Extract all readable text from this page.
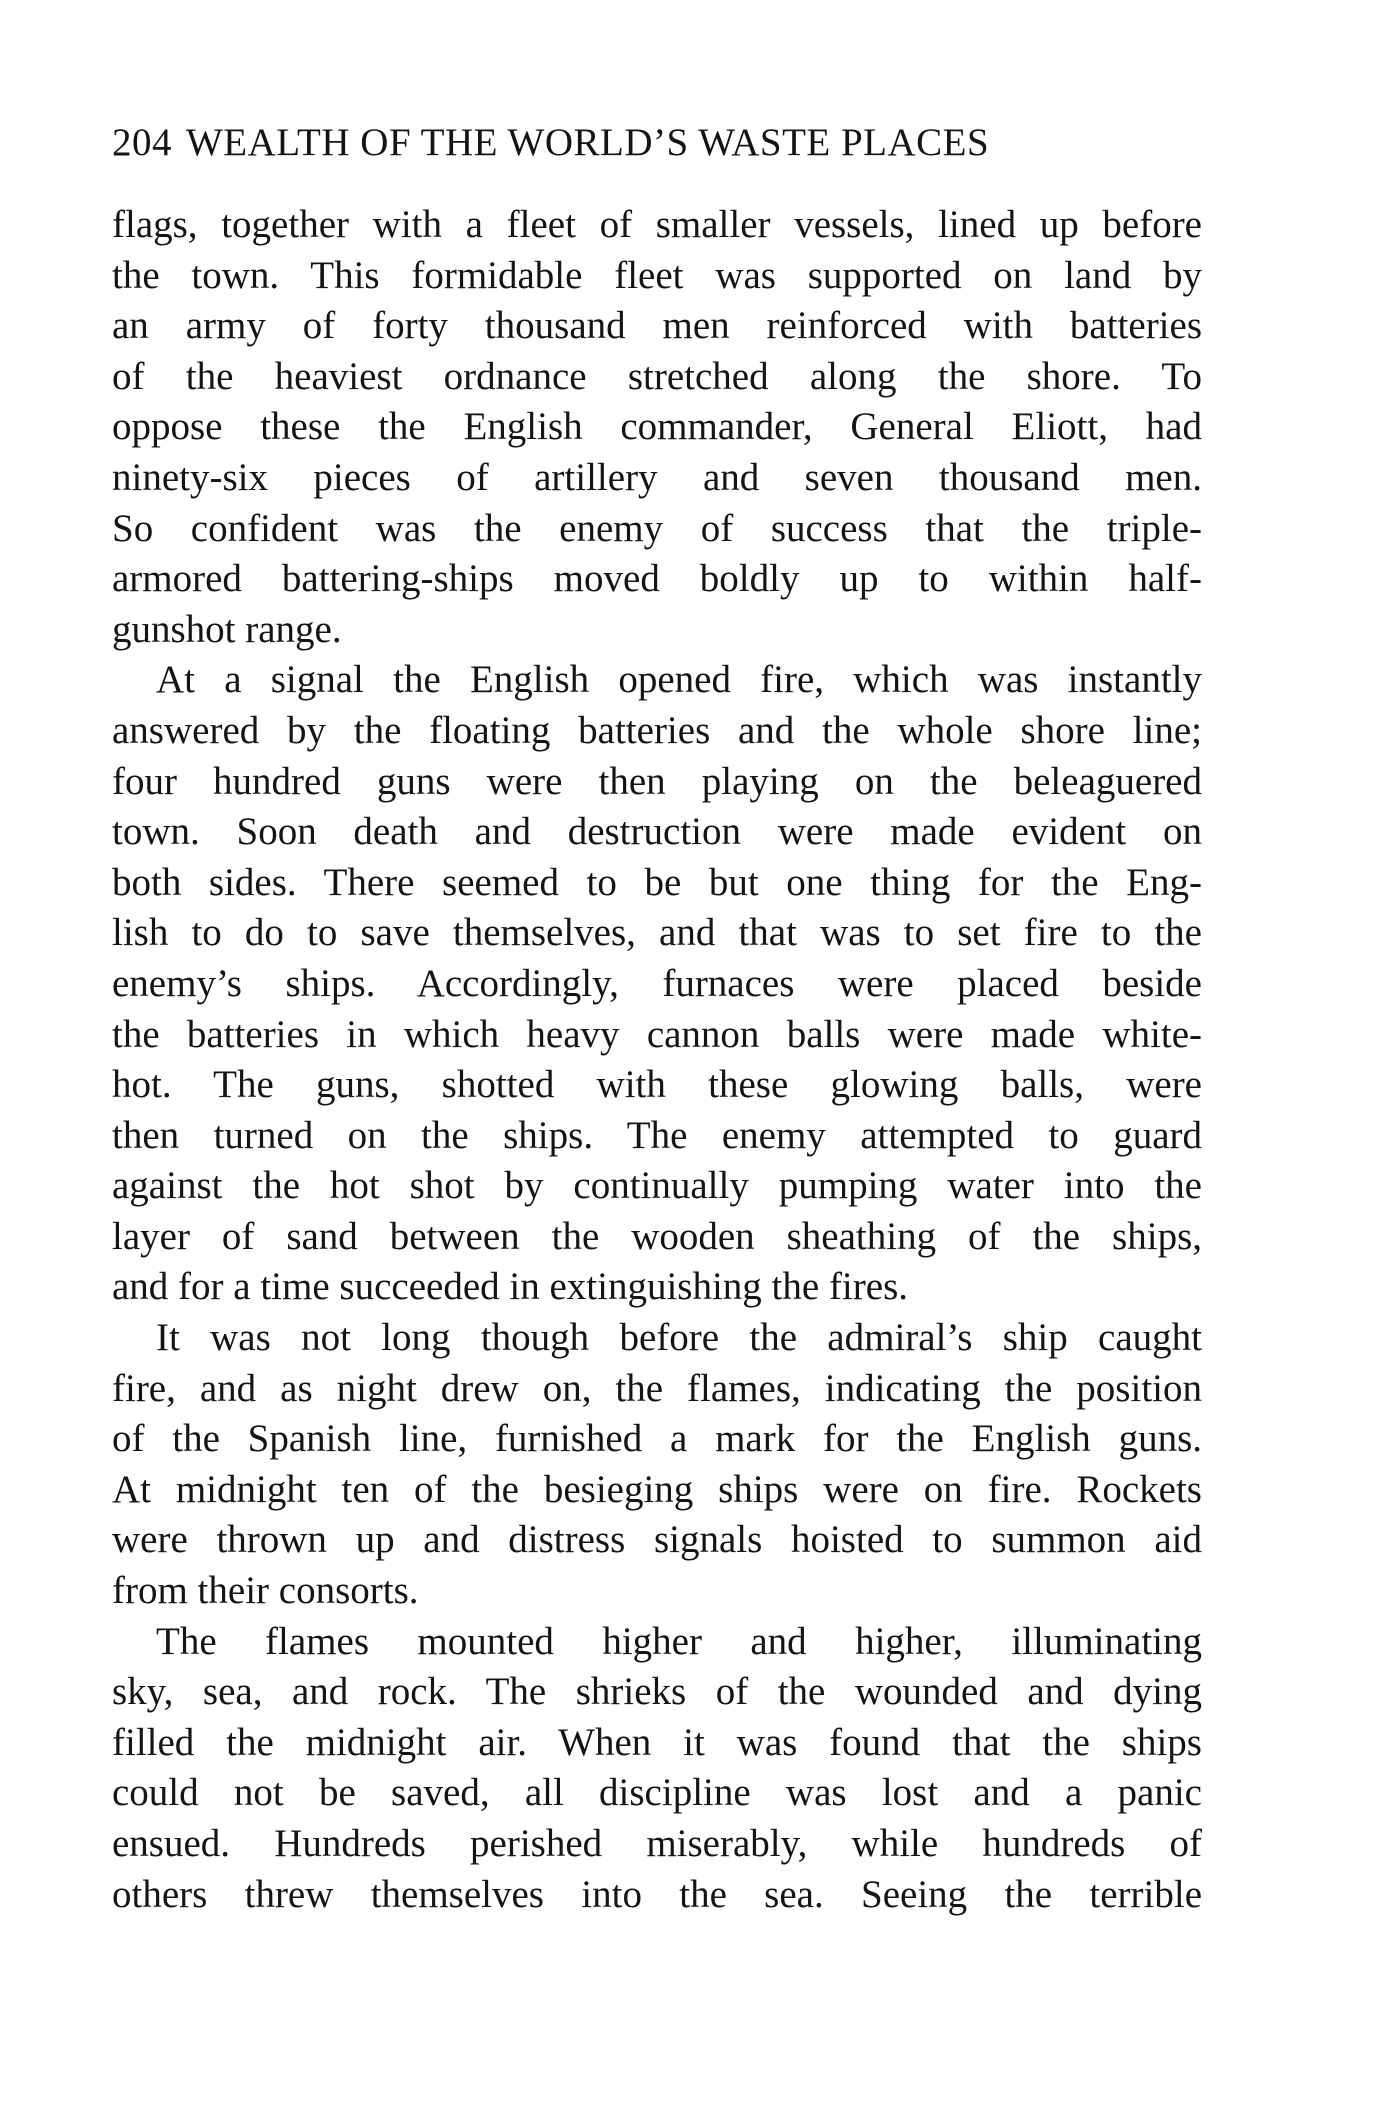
204 WEALTH OF THE WORLD’S WASTE PLACES
flags, together with a fleet of smaller vessels, lined up before
the town. This formidable fleet was supported on land by
an army of forty thousand men reinforced with batteries
of the heaviest ordnance stretched along the shore. To
oppose these the English commander, General Eliott, had
ninety-six pieces of artillery and seven thousand men.
So confident was the enemy of success that the triple-
armored battering-ships moved boldly up to within half-
gunshot range.
At a signal the English opened fire, which was instantly
answered by the floating batteries and the whole shore line;
four hundred guns were then playing on the beleaguered
town. Soon death and destruction were made evident on
both sides. There seemed to be but one thing for the Eng-
lish to do to save themselves, and that was to set fire to the
enemy’s ships. Accordingly, furnaces were placed beside
the batteries in which heavy cannon balls were made white-
hot. The guns, shotted with these glowing balls, were
then turned on the ships. The enemy attempted to guard
against the hot shot by continually pumping water into the
layer of sand between the wooden sheathing of the ships,
and for a time succeeded in extinguishing the fires.
It was not long though before the admiral’s ship caught
fire, and as night drew on, the flames, indicating the position
of the Spanish line, furnished a mark for the English guns.
At midnight ten of the besieging ships were on fire. Rockets
were thrown up and distress signals hoisted to summon aid
from their consorts.
The flames mounted higher and higher, illuminating
sky, sea, and rock. The shrieks of the wounded and dying
filled the midnight air. When it was found that the ships
could not be saved, all discipline was lost and a panic
ensued. Hundreds perished miserably, while hundreds of
others threw themselves into the sea. Seeing the terrible
